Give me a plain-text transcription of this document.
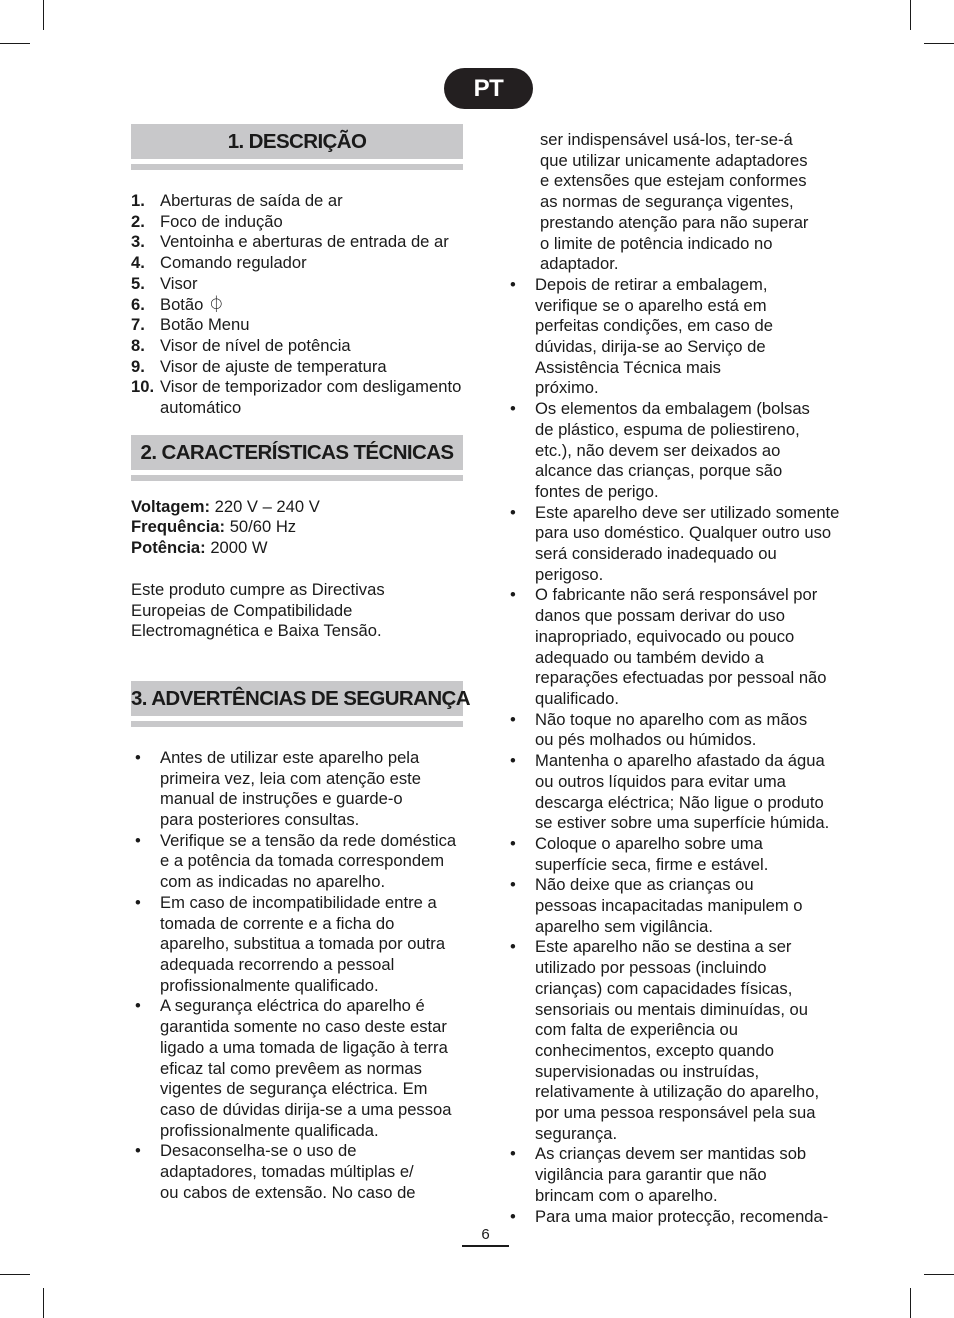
PT
1. DESCRIÇÃO
1. Aberturas de saída de ar
2. Foco de indução
3. Ventoinha e aberturas de entrada de ar
4. Comando regulador
5. Visor
6. Botão ⏀
7. Botão Menu
8. Visor de nível de potência
9. Visor de ajuste de temperatura
10. Visor de temporizador com desligamento automático
2. CARACTERÍSTICAS TÉCNICAS
Voltagem: 220 V – 240 V
Frequência: 50/60 Hz
Potência: 2000 W
Este produto cumpre as Directivas Europeias de Compatibilidade Electromagnética e Baixa Tensão.
3. ADVERTÊNCIAS DE SEGURANÇA
• Antes de utilizar este aparelho pela primeira vez, leia com atenção este manual de instruções e guarde-o para posteriores consultas.
• Verifique se a tensão da rede doméstica e a potência da tomada correspondem com as indicadas no aparelho.
• Em caso de incompatibilidade entre a tomada de corrente e a ficha do aparelho, substitua a tomada por outra adequada recorrendo a pessoal profissionalmente qualificado.
• A segurança eléctrica do aparelho é garantida somente no caso deste estar ligado a uma tomada de ligação à terra eficaz tal como prevêem as normas vigentes de segurança eléctrica. Em caso de dúvidas dirija-se a uma pessoa profissionalmente qualificada.
• Desaconselha-se o uso de adaptadores, tomadas múltiplas e/ ou cabos de extensão. No caso de
ser indispensável usá-los, ter-se-á que utilizar unicamente adaptadores e extensões que estejam conformes as normas de segurança vigentes, prestando atenção para não superar o limite de potência indicado no adaptador.
• Depois de retirar a embalagem, verifique se o aparelho está em perfeitas condições, em caso de dúvidas, dirija-se ao Serviço de Assistência Técnica mais próximo.
• Os elementos da embalagem (bolsas de plástico, espuma de poliestireno, etc.), não devem ser deixados ao alcance das crianças, porque são fontes de perigo.
• Este aparelho deve ser utilizado somente para uso doméstico. Qualquer outro uso será considerado inadequado ou perigoso.
• O fabricante não será responsável por danos que possam derivar do uso inapropriado, equivocado ou pouco adequado ou também devido a reparações efectuadas por pessoal não qualificado.
• Não toque no aparelho com as mãos ou pés molhados ou húmidos.
• Mantenha o aparelho afastado da água ou outros líquidos para evitar uma descarga eléctrica; Não ligue o produto se estiver sobre uma superfície húmida.
• Coloque o aparelho sobre uma superfície seca, firme e estável.
• Não deixe que as crianças ou pessoas incapacitadas manipulem o aparelho sem vigilância.
• Este aparelho não se destina a ser utilizado por pessoas (incluindo crianças) com capacidades físicas, sensoriais ou mentais diminuídas, ou com falta de experiência ou conhecimentos, excepto quando supervisionadas ou instruídas, relativamente à utilização do aparelho, por uma pessoa responsável pela sua segurança.
• As crianças devem ser mantidas sob vigilância para garantir que não brincam com o aparelho.
• Para uma maior protecção, recomenda-
6
